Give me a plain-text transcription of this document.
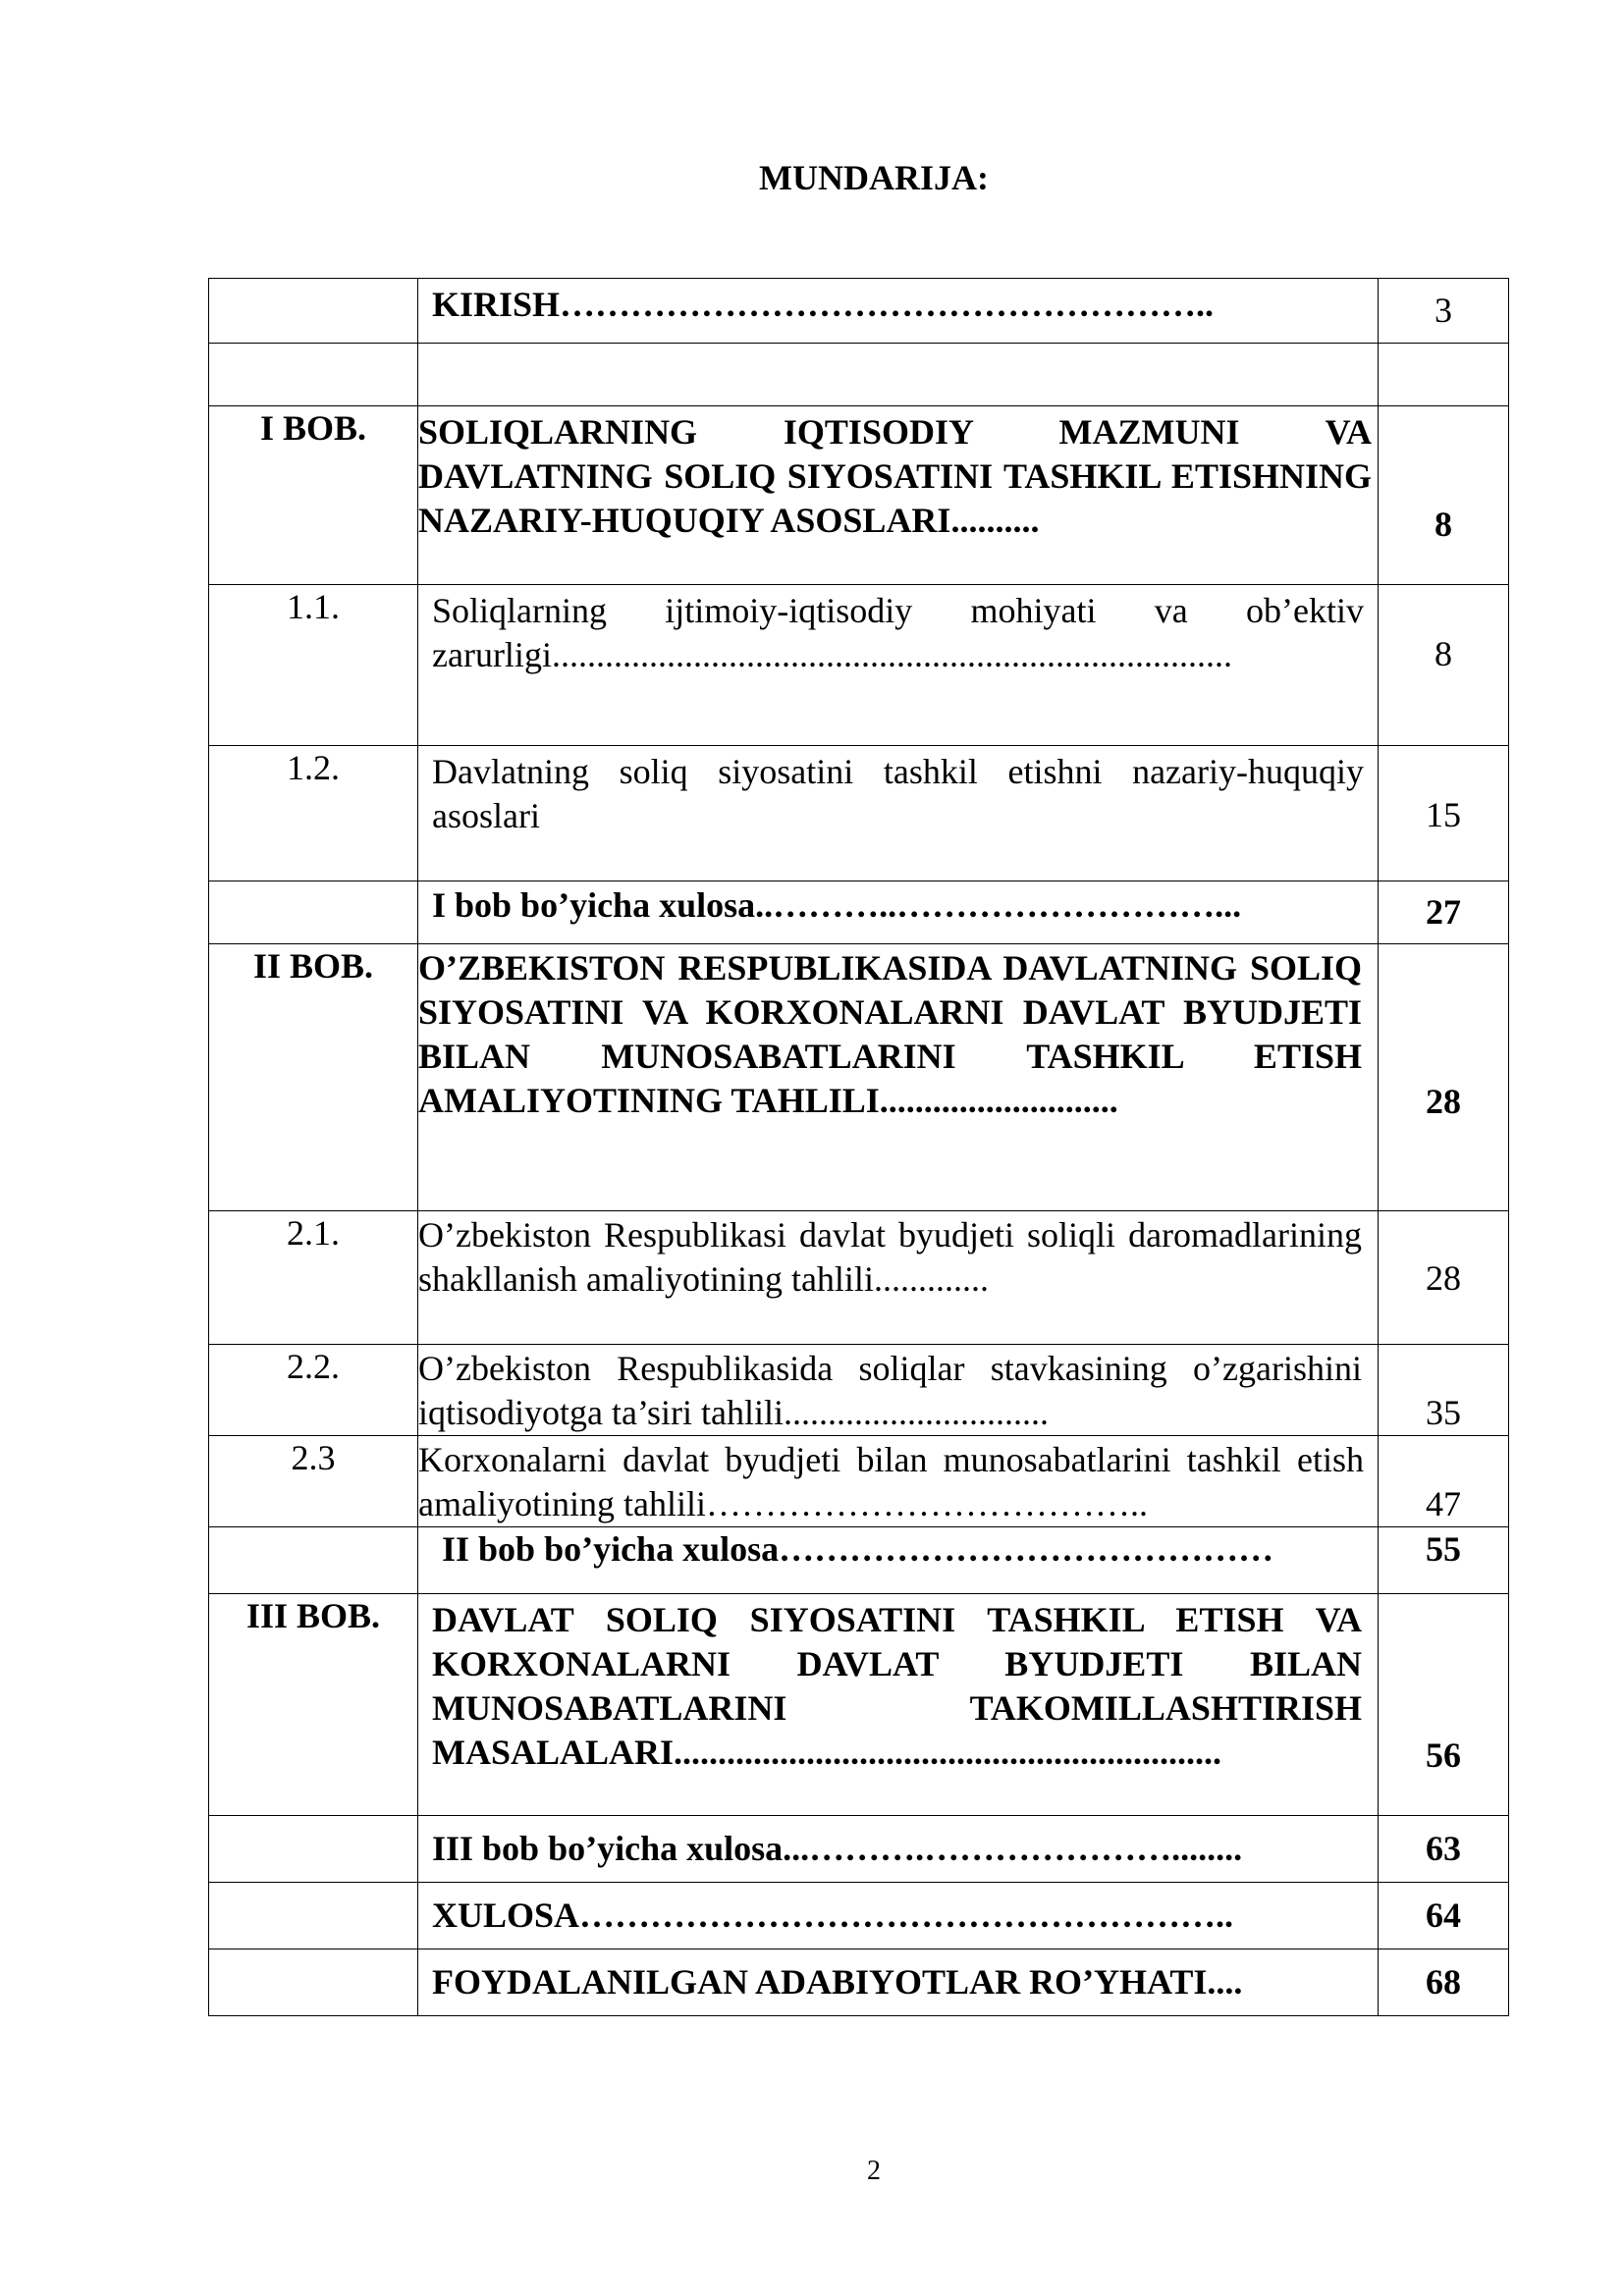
MUNDARIJA:
	KIRISH………………………………………………..	3

I BOB.	SOLIQLARNING IQTISODIY MAZMUNI VA DAVLATNING SOLIQ SIYOSATINI TASHKIL ETISHNING NAZARIY-HUQUQIY ASOSLARI..........	8
1.1.	Soliqlarning ijtimoiy-iqtisodiy mohiyati va ob’ektiv zarurligi.............................................................................	8
1.2.	Davlatning soliq siyosatini tashkil etishni nazariy-huquqiy asoslari	15
	I bob bo’yicha xulosa..………..………………………...	27
II BOB.	O’ZBEKISTON RESPUBLIKASIDA DAVLATNING SOLIQ SIYOSATINI VA KORXONALARNI DAVLAT BYUDJETI BILAN MUNOSABATLARINI TASHKIL ETISH AMALIYOTINING TAHLILI...........................	28
2.1.	O’zbekiston Respublikasi davlat byudjeti soliqli daromadlarining shakllanish amaliyotining tahlili.............	28
2.2.	O’zbekiston Respublikasida soliqlar stavkasining o’zgarishini iqtisodiyotga ta’siri tahlili..............................	35
2.3	Korxonalarni davlat byudjeti bilan munosabatlarini tashkil etish amaliyotining tahlili………………………………..	47
	II bob bo’yicha xulosa……………………………………	55
III BOB.	DAVLAT SOLIQ SIYOSATINI TASHKIL ETISH VA KORXONALARNI DAVLAT BYUDJETI BILAN MUNOSABATLARINI TAKOMILLASHTIRISH MASALALARI..............................................................	56
	III bob bo’yicha xulosa...……….…………………........	63
	XULOSA………………………………………………..	64
	FOYDALANILGAN ADABIYOTLAR RO’YHATI....	68
2
